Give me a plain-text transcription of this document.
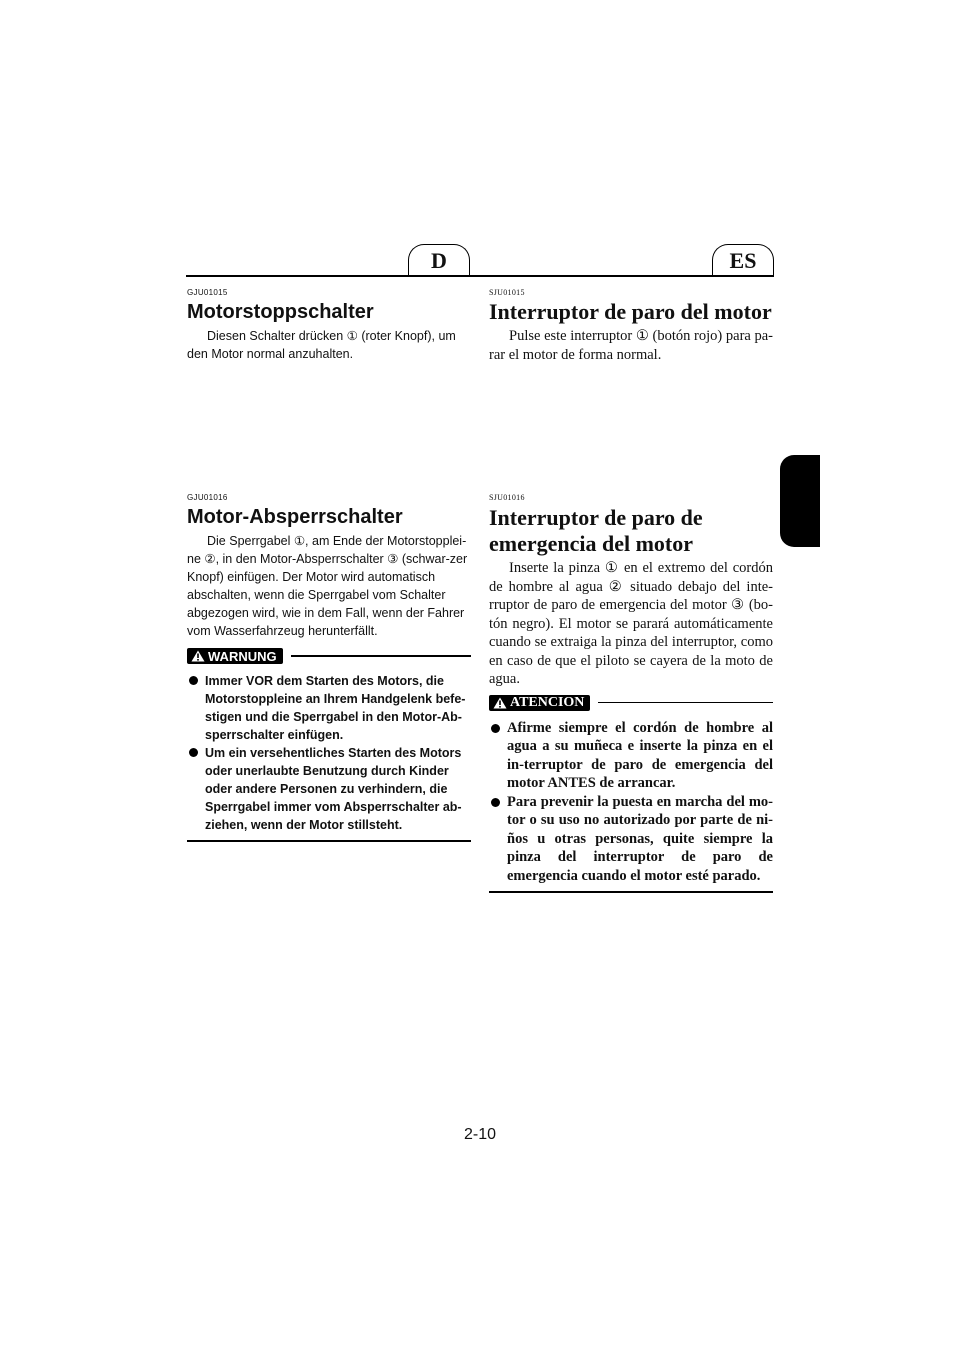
D	ES
GJU01015
Motorstoppschalter

Diesen Schalter drücken ① (roter Knopf), um den Motor normal anzuhalten.

SJU01015
Interruptor de paro del motor

Pulse este interruptor ① (botón rojo) para pa-rar el motor de forma normal.

GJU01016
Motor-Absperrschalter

Die Sperrgabel ①, am Ende der Motorstopplei-ne ②, in den Motor-Absperrschalter ③ (schwar-zer Knopf) einfügen. Der Motor wird automatisch abschalten, wenn die Sperrgabel vom Schalter abgezogen wird, wie in dem Fall, wenn der Fahrer vom Wasserfahrzeug herunterfällt.

WARNUNG
Immer VOR dem Starten des Motors, die Motorstoppleine an Ihrem Handgelenk befe-stigen und die Sperrgabel in den Motor-Ab-sperrschalter einfügen.
Um ein versehentliches Starten des Motors oder unerlaubte Benutzung durch Kinder oder andere Personen zu verhindern, die Sperrgabel immer vom Absperrschalter ab-ziehen, wenn der Motor stillsteht.
SJU01016
Interruptor de paro de emergencia del motor

Inserte la pinza ① en el extremo del cordón de hombre al agua ② situado debajo del inte-rruptor de paro de emergencia del motor ③ (bo-tón negro). El motor se parará automáticamente cuando se extraiga la pinza del interruptor, como en caso de que el piloto se cayera de la moto de agua.

ATENCION
Afirme siempre el cordón de hombre al agua a su muñeca e inserte la pinza en el in-terruptor de paro de emergencia del motor ANTES de arrancar.
Para prevenir la puesta en marcha del mo-tor o su uso no autorizado por parte de ni-ños u otras personas, quite siempre la pinza del interruptor de paro de emergencia cuando el motor esté parado.
2-10
